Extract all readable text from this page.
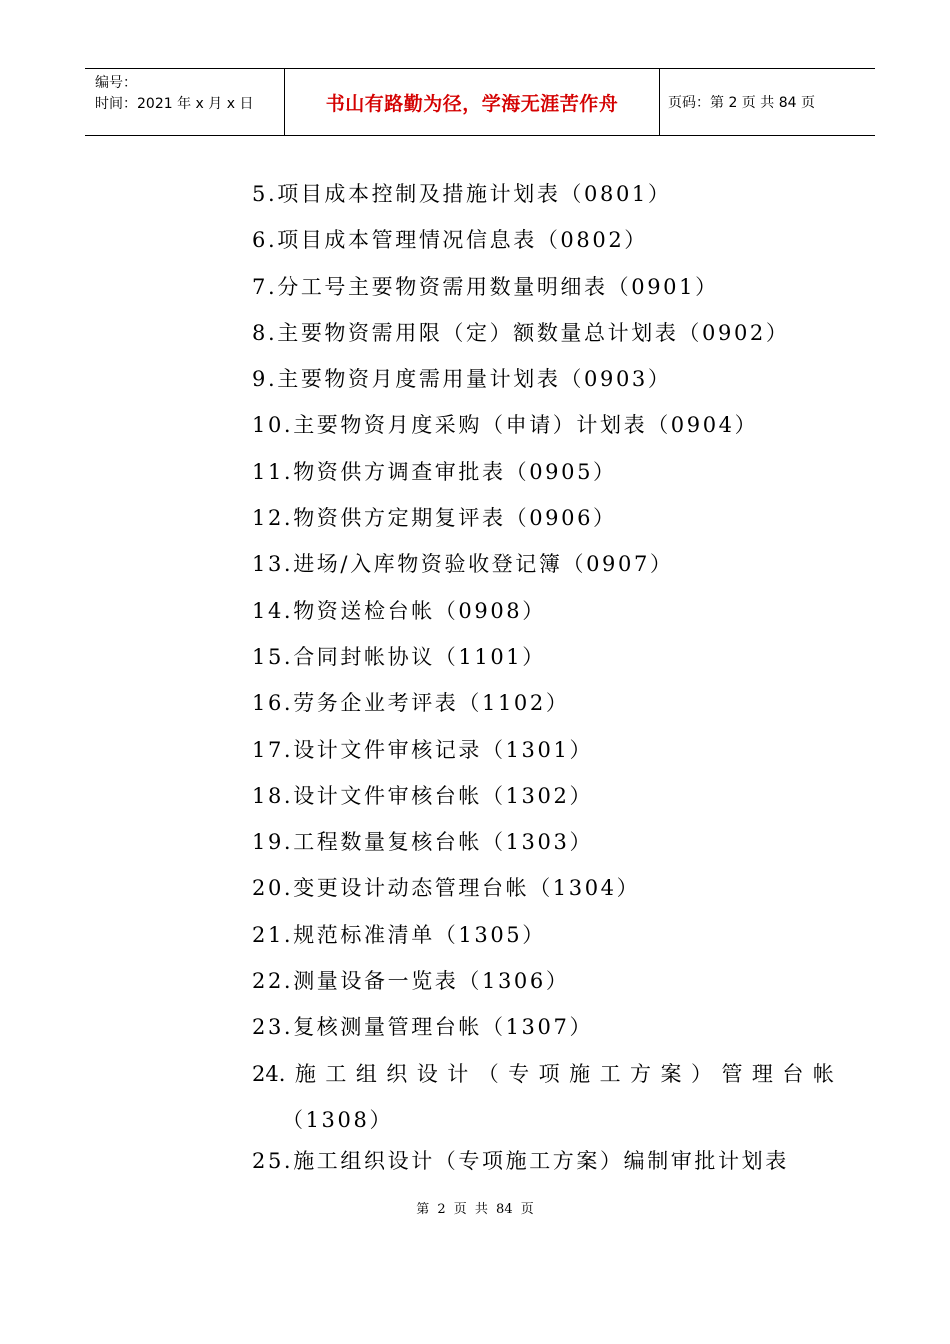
编号：
时间：2021 年 x 月 x 日	书山有路勤为径，学海无涯苦作舟	页码：第 2 页 共 84 页
5.项目成本控制及措施计划表（0801）
6.项目成本管理情况信息表（0802）
7.分工号主要物资需用数量明细表（0901）
8.主要物资需用限（定）额数量总计划表（0902）
9.主要物资月度需用量计划表（0903）
10.主要物资月度采购（申请）计划表（0904）
11.物资供方调查审批表（0905）
12.物资供方定期复评表（0906）
13.进场/入库物资验收登记簿（0907）
14.物资送检台帐（0908）
15.合同封帐协议（1101）
16.劳务企业考评表（1102）
17.设计文件审核记录（1301）
18.设计文件审核台帐（1302）
19.工程数量复核台帐（1303）
20.变更设计动态管理台帐（1304）
21.规范标准清单（1305）
22.测量设备一览表（1306）
23.复核测量管理台帐（1307）
24. 施 工 组 织 设 计 （ 专 项 施 工 方 案 ） 管 理 台 帐
（1308）
25.施工组织设计（专项施工方案）编制审批计划表
第 2 页 共 84 页
